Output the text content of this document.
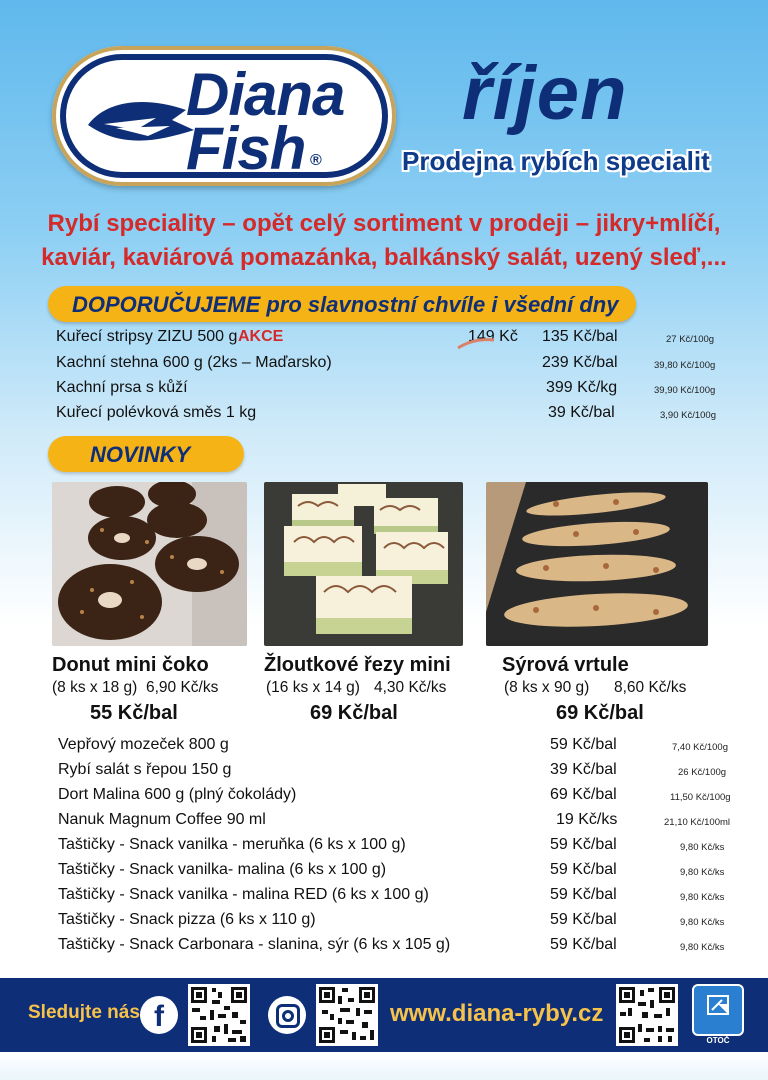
Diana
Fish ®
říjen
Prodejna rybích specialit
Rybí speciality – opět celý sortiment v prodeji – jikry+mlíčí,
kaviár, kaviárová pomazánka, balkánský salát, uzený sleď,...
DOPORUČUJEME pro slavnostní chvíle i všední dny
Kuřecí stripsy ZIZU 500 g AKCE	149 Kč 135 Kč/bal	27 Kč/100g
Kachní stehna 600 g (2ks – Maďarsko)	239 Kč/bal	39,80 Kč/100g
Kachní prsa s kůží	399 Kč/kg	39,90 Kč/100g
Kuřecí polévková směs 1 kg	39 Kč/bal	3,90 Kč/100g
NOVINKY
Donut mini čoko
(8 ks x 18 g) 6,90 Kč/ks
55 Kč/bal
Žloutkové řezy mini
(16 ks x 14 g) 4,30 Kč/ks
69 Kč/bal
Sýrová vrtule
(8 ks x 90 g) 8,60 Kč/ks
69 Kč/bal
Vepřový mozeček 800 g	59 Kč/bal	7,40 Kč/100g
Rybí salát s řepou 150 g	39 Kč/bal	26 Kč/100g
Dort Malina 600 g (plný čokolády)	69 Kč/bal	11,50 Kč/100g
Nanuk Magnum Coffee 90 ml	19 Kč/ks	21,10 Kč/100ml
Taštičky - Snack vanilka - meruňka (6 ks x 100 g)	59 Kč/bal	9,80 Kč/ks
Taštičky - Snack vanilka- malina (6 ks x 100 g)	59 Kč/bal	9,80 Kč/ks
Taštičky - Snack vanilka - malina RED (6 ks x 100 g)	59 Kč/bal	9,80 Kč/ks
Taštičky - Snack pizza (6 ks x 110 g)	59 Kč/bal	9,80 Kč/ks
Taštičky - Snack Carbonara - slanina, sýr (6 ks x 105 g)	59 Kč/bal	9,80 Kč/ks
Sledujte nás f	www.diana-ryby.cz
OTOČ
